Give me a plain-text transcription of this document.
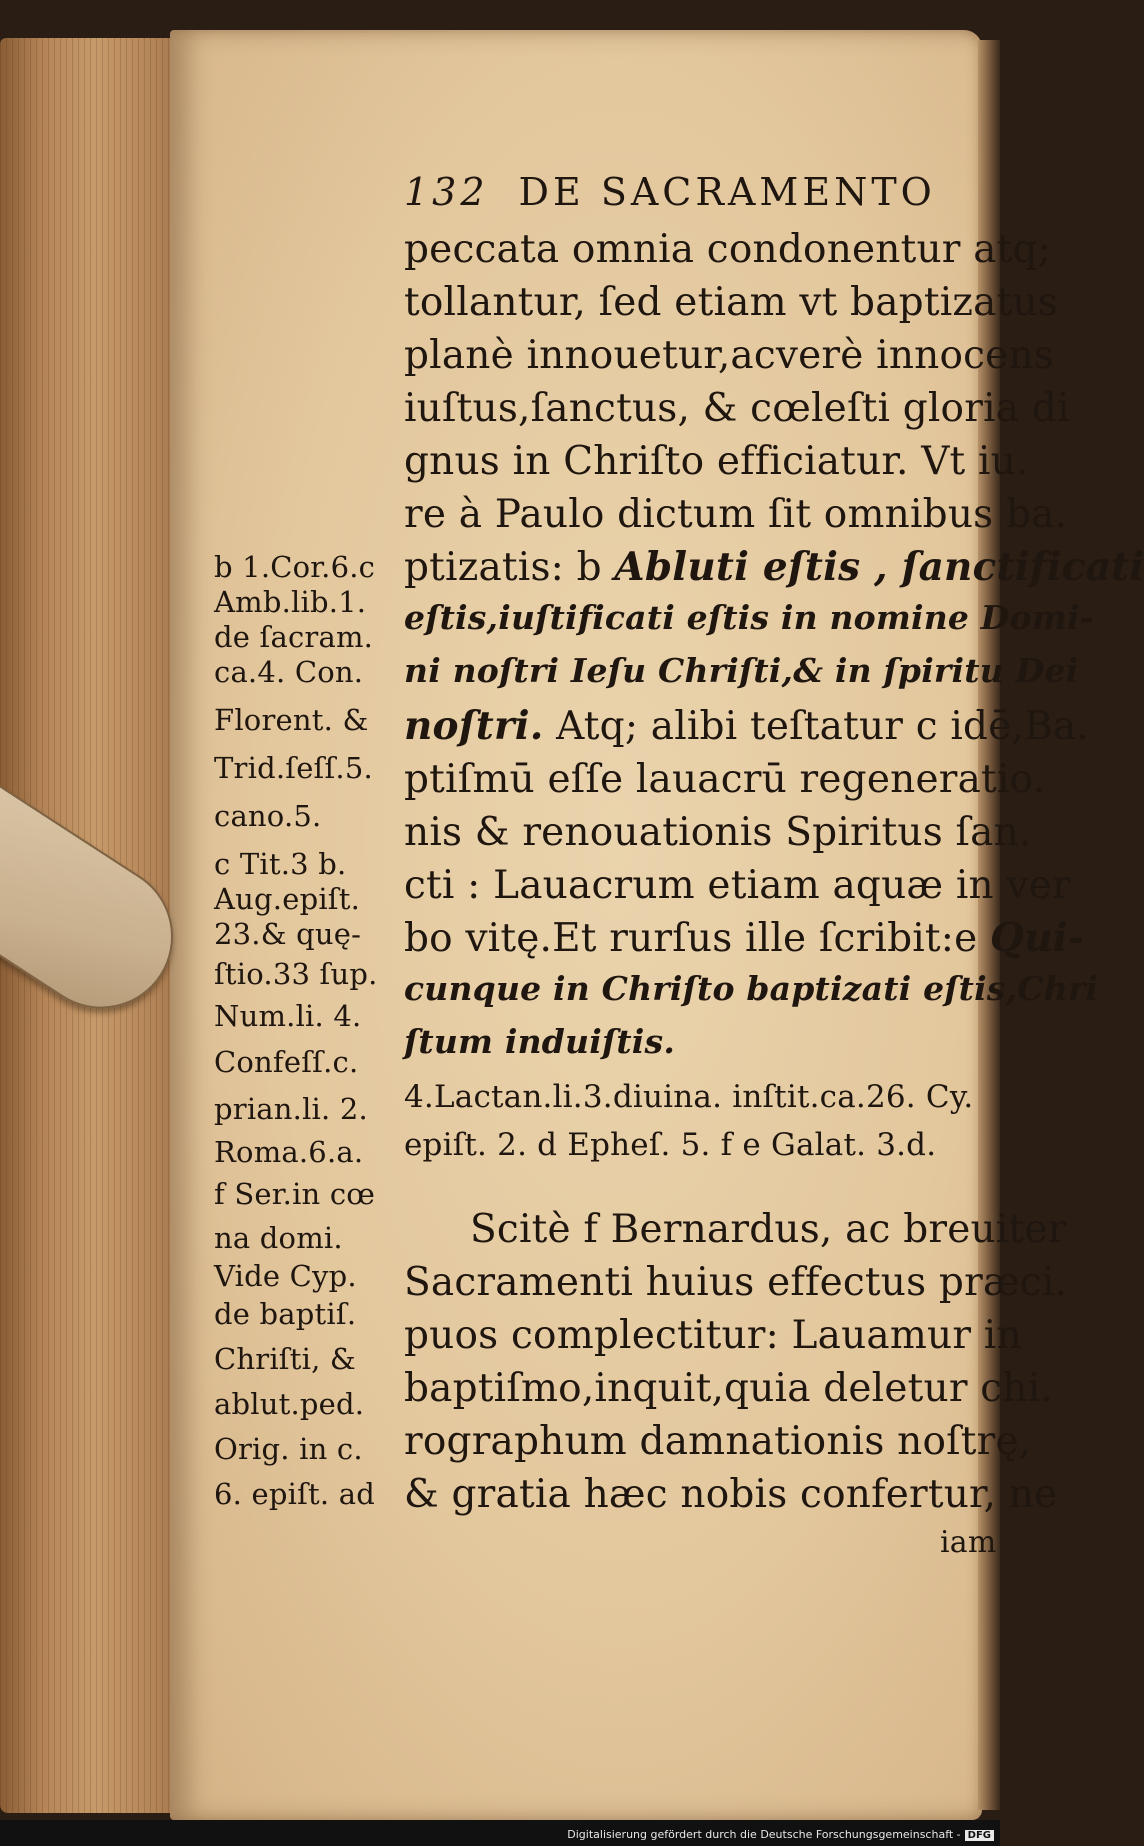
132 DE SACRAMENTO
peccata omnia condonentur atq;
tollantur, ſed etiam vt baptizatus
planè innouetur,acverè innocens
iuſtus,ſanctus, & cœleſti gloria di
gnus in Chriſto efficiatur. Vt iu.
re à Paulo dictum ſit omnibus ba.
ptizatis: b Abluti eſtis , ſanctificati
eſtis,iuſtificati eſtis in nomine Domi-
ni noſtri Ieſu Chriſti,& in ſpiritu Dei
noſtri. Atq; alibi teſtatur c idē,Ba.
ptiſmū eſſe lauacrū regeneratio.
nis & renouationis Spiritus ſan.
cti : Lauacrum etiam aquæ in ver
bo vitę.Et rurſus ille ſcribit:e Qui-
cunque in Chriſto baptizati eſtis,Chri
ſtum induiſtis.
4.Lactan.li.3.diuina. inſtit.ca.26. Cy.
epiſt. 2. d Epheſ. 5. f e Galat. 3.d.
Scitè f Bernardus, ac breuiter
Sacramenti huius effectus præci.
puos complectitur: Lauamur in
baptiſmo,inquit,quia deletur chi.
rographum damnationis noſtrę,
& gratia hæc nobis confertur, ne
iam
b 1.Cor.6.c
Amb.lib.1.
de ſacram.
ca.4. Con.
Florent. &
Trid.ſeſſ.5.
cano.5.
c Tit.3 b.
Aug.epiſt.
23.& quę-
ſtio.33 ſup.
Num.li. 4.
Confeſſ.c.
prian.li. 2.
Roma.6.a.
f Ser.in cœ
na domi.
Vide Cyp.
de baptiſ.
Chriſti, &
ablut.ped.
Orig. in c.
6. epiſt. ad
Digitalisierung gefördert durch die Deutsche Forschungsgemeinschaft - DFG
